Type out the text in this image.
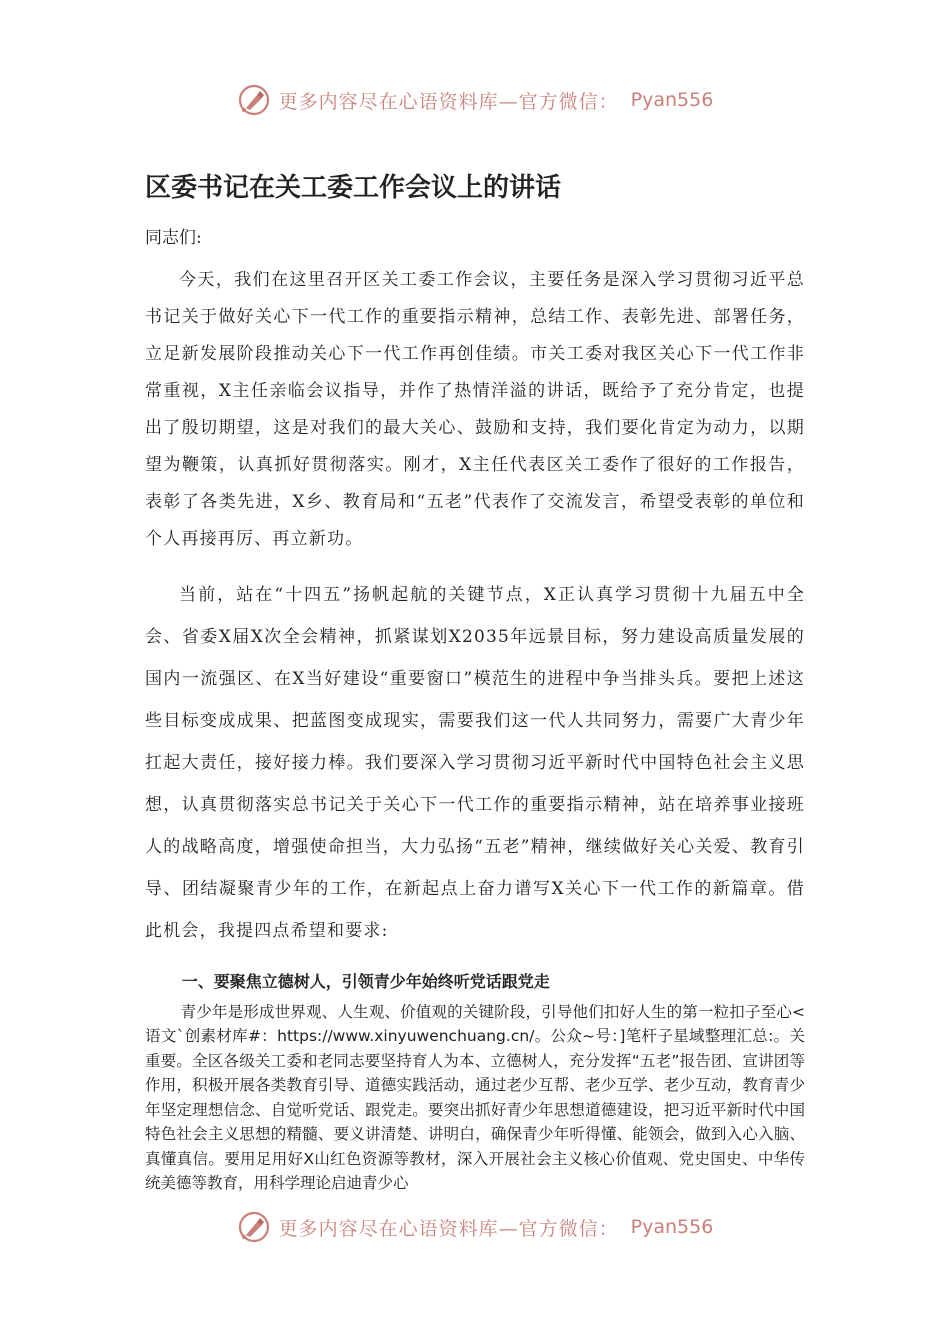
更多内容尽在心语资料库—官方微信： Pyan556
区委书记在关工委工作会议上的讲话

同志们:

今天，我们在这里召开区关工委工作会议，主要任务是深入学习贯彻习近平总书记关于做好关心下一代工作的重要指示精神，总结工作、表彰先进、部署任务，立足新发展阶段推动关心下一代工作再创佳绩。市关工委对我区关心下一代工作非常重视，X主任亲临会议指导，并作了热情洋溢的讲话，既给予了充分肯定，也提出了殷切期望，这是对我们的最大关心、鼓励和支持，我们要化肯定为动力，以期望为鞭策，认真抓好贯彻落实。刚才，X主任代表区关工委作了很好的工作报告，表彰了各类先进，X乡、教育局和“五老”代表作了交流发言，希望受表彰的单位和个人再接再厉、再立新功。

当前，站在“十四五”扬帆起航的关键节点，X正认真学习贯彻十九届五中全会、省委X届X次全会精神，抓紧谋划X2035年远景目标，努力建设高质量发展的国内一流强区、在X当好建设“重要窗口”模范生的进程中争当排头兵。要把上述这些目标变成成果、把蓝图变成现实，需要我们这一代人共同努力，需要广大青少年扛起大责任，接好接力棒。我们要深入学习贯彻习近平新时代中国特色社会主义思想，认真贯彻落实总书记关于关心下一代工作的重要指示精神，站在培养事业接班人的战略高度，增强使命担当，大力弘扬“五老”精神，继续做好关心关爱、教育引导、团结凝聚青少年的工作，在新起点上奋力谱写X关心下一代工作的新篇章。借此机会，我提四点希望和要求:

一、要聚焦立德树人，引领青少年始终听党话跟党走

青少年是形成世界观、人生观、价值观的关键阶段，引导他们扣好人生的第一粒扣子至心<语文`创素材库#：https://www.xinyuwenchuang.cn/。公众~号：]笔杆子星域整理汇总:。关重要。全区各级关工委和老同志要坚持育人为本、立德树人，充分发挥“五老”报告团、宣讲团等作用，积极开展各类教育引导、道德实践活动，通过老少互帮、老少互学、老少互动，教育青少年坚定理想信念、自觉听党话、跟党走。要突出抓好青少年思想道德建设，把习近平新时代中国特色社会主义思想的精髓、要义讲清楚、讲明白，确保青少年听得懂、能领会，做到入心入脑、真懂真信。要用足用好X山红色资源等教材，深入开展社会主义核心价值观、党史国史、中华传统美德等教育，用科学理论启迪青少心

更多内容尽在心语资料库—官方微信： Pyan556
